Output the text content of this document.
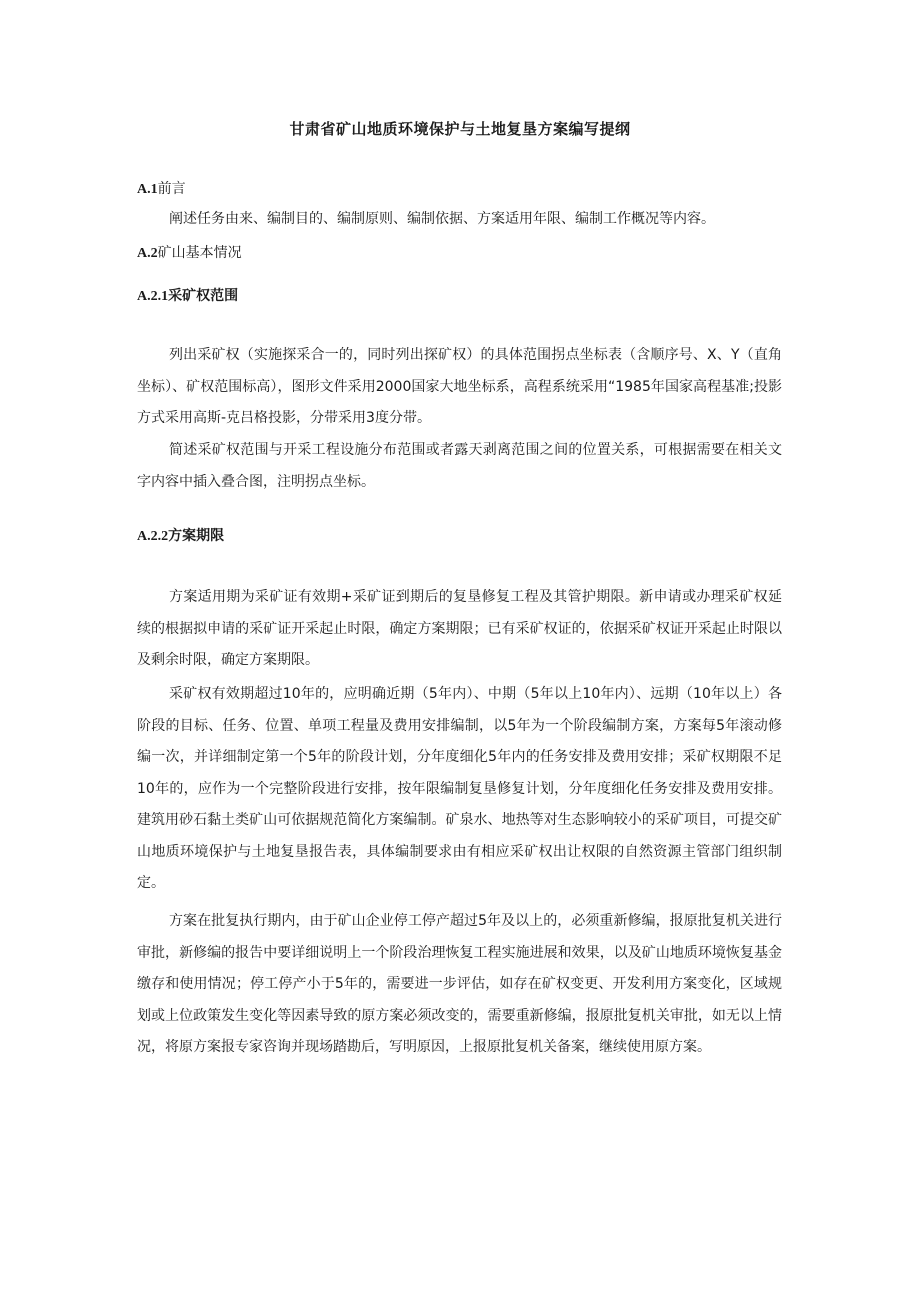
甘肃省矿山地质环境保护与土地复垦方案编写提纲
A.1前言

阐述任务由来、编制目的、编制原则、编制依据、方案适用年限、编制工作概况等内容。

A.2矿山基本情况
A.2.1采矿权范围

列出采矿权（实施探采合一的，同时列出探矿权）的具体范围拐点坐标表（含顺序号、X、Y（直角坐标）、矿权范围标高），图形文件采用2000国家大地坐标系，高程系统采用“1985年国家高程基准;投影方式采用高斯-克吕格投影，分带采用3度分带。

简述采矿权范围与开采工程设施分布范围或者露天剥离范围之间的位置关系，可根据需要在相关文字内容中插入叠合图，注明拐点坐标。

A.2.2方案期限

方案适用期为采矿证有效期+采矿证到期后的复垦修复工程及其管护期限。新申请或办理采矿权延续的根据拟申请的采矿证开采起止时限，确定方案期限；已有采矿权证的，依据采矿权证开采起止时限以及剩余时限，确定方案期限。

采矿权有效期超过10年的，应明确近期（5年内）、中期（5年以上10年内）、远期（10年以上）各阶段的目标、任务、位置、单项工程量及费用安排编制，以5年为一个阶段编制方案，方案每5年滚动修编一次，并详细制定第一个5年的阶段计划，分年度细化5年内的任务安排及费用安排；采矿权期限不足10年的，应作为一个完整阶段进行安排，按年限编制复垦修复计划，分年度细化任务安排及费用安排。建筑用砂石黏土类矿山可依据规范简化方案编制。矿泉水、地热等对生态影响较小的采矿项目，可提交矿山地质环境保护与土地复垦报告表，具体编制要求由有相应采矿权出让权限的自然资源主管部门组织制定。

方案在批复执行期内，由于矿山企业停工停产超过5年及以上的，必须重新修编，报原批复机关进行审批，新修编的报告中要详细说明上一个阶段治理恢复工程实施进展和效果，以及矿山地质环境恢复基金缴存和使用情况；停工停产小于5年的，需要进一步评估，如存在矿权变更、开发利用方案变化，区域规划或上位政策发生变化等因素导致的原方案必须改变的，需要重新修编，报原批复机关审批，如无以上情况，将原方案报专家咨询并现场踏勘后，写明原因，上报原批复机关备案，继续使用原方案。
